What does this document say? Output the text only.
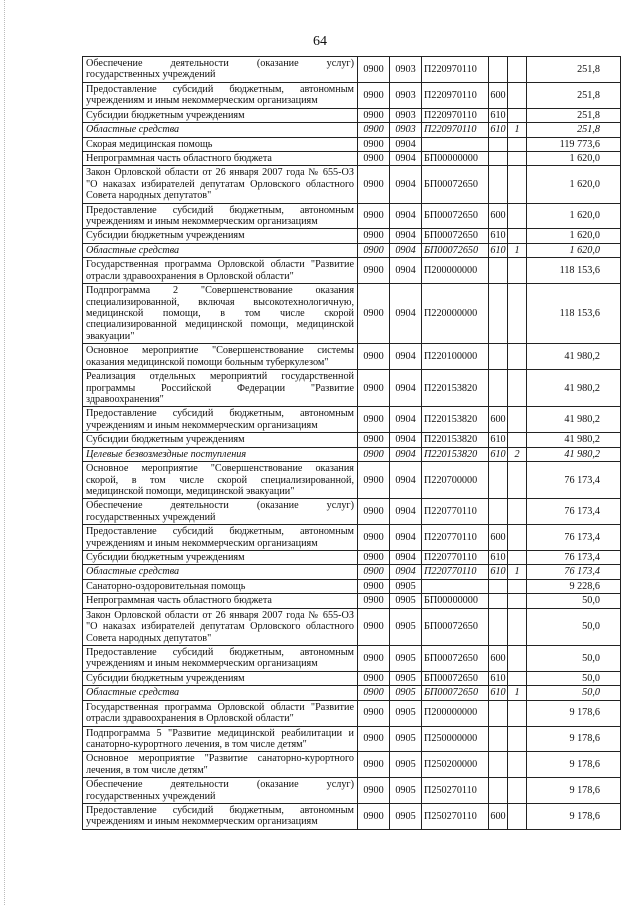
64
Обеспечение деятельности (оказание услуг) государственных учреждений	0900	0903	П220970110			251,8
Предоставление субсидий бюджетным, автономным учреждениям и иным некоммерческим организациям	0900	0903	П220970110	600		251,8
Субсидии бюджетным учреждениям	0900	0903	П220970110	610		251,8
Областные средства	0900	0903	П220970110	610	1	251,8
Скорая медицинская помощь	0900	0904				119 773,6
Непрограммная часть областного бюджета	0900	0904	БП00000000			1 620,0
Закон Орловской области от 26 января 2007 года № 655-ОЗ "О наказах избирателей депутатам Орловского областного Совета народных депутатов"	0900	0904	БП00072650			1 620,0
Предоставление субсидий бюджетным, автономным учреждениям и иным некоммерческим организациям	0900	0904	БП00072650	600		1 620,0
Субсидии бюджетным учреждениям	0900	0904	БП00072650	610		1 620,0
Областные средства	0900	0904	БП00072650	610	1	1 620,0
Государственная программа Орловской области "Развитие отрасли здравоохранения в Орловской области"	0900	0904	П200000000			118 153,6
Подпрограмма 2 "Совершенствование оказания специализированной, включая высокотехнологичную, медицинской помощи, в том числе скорой специализированной медицинской помощи, медицинской эвакуации"	0900	0904	П220000000			118 153,6
Основное мероприятие "Совершенствование системы оказания медицинской помощи больным туберкулезом"	0900	0904	П220100000			41 980,2
Реализация отдельных мероприятий государственной программы Российской Федерации "Развитие здравоохранения"	0900	0904	П220153820			41 980,2
Предоставление субсидий бюджетным, автономным учреждениям и иным некоммерческим организациям	0900	0904	П220153820	600		41 980,2
Субсидии бюджетным учреждениям	0900	0904	П220153820	610		41 980,2
Целевые безвозмездные поступления	0900	0904	П220153820	610	2	41 980,2
Основное мероприятие "Совершенствование оказания скорой, в том числе скорой специализированной, медицинской помощи, медицинской эвакуации"	0900	0904	П220700000			76 173,4
Обеспечение деятельности (оказание услуг) государственных учреждений	0900	0904	П220770110			76 173,4
Предоставление субсидий бюджетным, автономным учреждениям и иным некоммерческим организациям	0900	0904	П220770110	600		76 173,4
Субсидии бюджетным учреждениям	0900	0904	П220770110	610		76 173,4
Областные средства	0900	0904	П220770110	610	1	76 173,4
Санаторно-оздоровительная помощь	0900	0905				9 228,6
Непрограммная часть областного бюджета	0900	0905	БП00000000			50,0
Закон Орловской области от 26 января 2007 года № 655-ОЗ "О наказах избирателей депутатам Орловского областного Совета народных депутатов"	0900	0905	БП00072650			50,0
Предоставление субсидий бюджетным, автономным учреждениям и иным некоммерческим организациям	0900	0905	БП00072650	600		50,0
Субсидии бюджетным учреждениям	0900	0905	БП00072650	610		50,0
Областные средства	0900	0905	БП00072650	610	1	50,0
Государственная программа Орловской области "Развитие отрасли здравоохранения в Орловской области"	0900	0905	П200000000			9 178,6
Подпрограмма 5 "Развитие медицинской реабилитации и санаторно-курортного лечения, в том числе детям"	0900	0905	П250000000			9 178,6
Основное мероприятие "Развитие санаторно-курортного лечения, в том числе детям"	0900	0905	П250200000			9 178,6
Обеспечение деятельности (оказание услуг) государственных учреждений	0900	0905	П250270110			9 178,6
Предоставление субсидий бюджетным, автономным учреждениям и иным некоммерческим организациям	0900	0905	П250270110	600		9 178,6
